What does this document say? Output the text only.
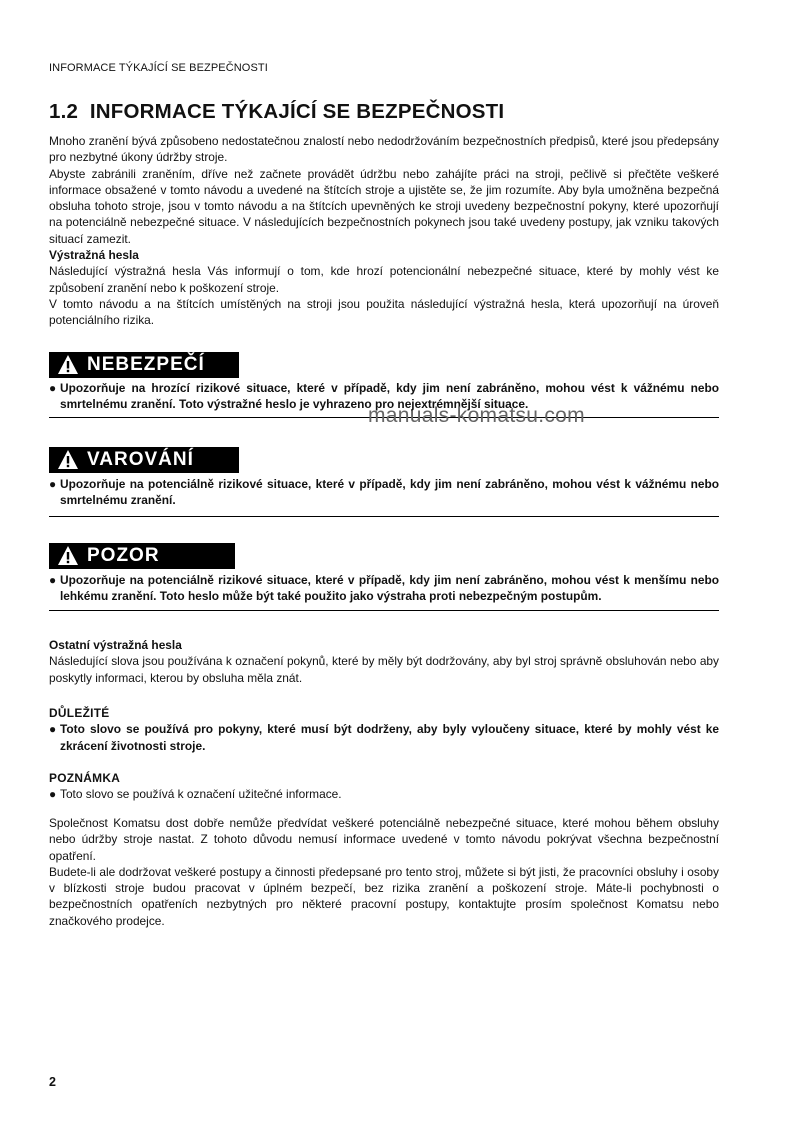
INFORMACE TÝKAJÍCÍ SE BEZPEČNOSTI
1.2 INFORMACE TÝKAJÍCÍ SE BEZPEČNOSTI

Mnoho zranění bývá způsobeno nedostatečnou znalostí nebo nedodržováním bezpečnostních předpisů, které jsou předepsány pro nezbytné úkony údržby stroje.

Abyste zabránili zraněním, dříve než začnete provádět údržbu nebo zahájíte práci na stroji, pečlivě si přečtěte veškeré informace obsažené v tomto návodu a uvedené na štítcích stroje a ujistěte se, že jim rozumíte. Aby byla umožněna bezpečná obsluha tohoto stroje, jsou v tomto návodu a na štítcích upevněných ke stroji uvedeny bezpečnostní pokyny, které upozorňují na potenciálně nebezpečné situace. V následujících bezpečnostních pokynech jsou také uvedeny postupy, jak vzniku takových situací zamezit.

Výstražná hesla

Následující výstražná hesla Vás informují o tom, kde hrozí potencionální nebezpečné situace, které by mohly vést ke způsobení zranění nebo k poškození stroje.

V tomto návodu a na štítcích umístěných na stroji jsou použita následující výstražná hesla, která upozorňují na úroveň potenciálního rizika.

NEBEZPEČÍ
● Upozorňuje na hrozící rizikové situace, které v případě, kdy jim není zabráněno, mohou vést k vážnému nebo smrtelnému zranění. Toto výstražné heslo je vyhrazeno pro nejextrémnější situace.
VAROVÁNÍ
● Upozorňuje na potenciálně rizikové situace, které v případě, kdy jim není zabráněno, mohou vést k vážnému nebo smrtelnému zranění.
POZOR
● Upozorňuje na potenciálně rizikové situace, které v případě, kdy jim není zabráněno, mohou vést k menšímu nebo lehkému zranění. Toto heslo může být také použito jako výstraha proti nebezpečným postupům.
Ostatní výstražná hesla

Následující slova jsou používána k označení pokynů, které by měly být dodržovány, aby byl stroj správně obsluhován nebo aby poskytly informaci, kterou by obsluha měla znát.

DŮLEŽITÉ
● Toto slovo se používá pro pokyny, které musí být dodrženy, aby byly vyloučeny situace, které by mohly vést ke zkrácení životnosti stroje.
POZNÁMKA
● Toto slovo se používá k označení užitečné informace.

Společnost Komatsu dost dobře nemůže předvídat veškeré potenciálně nebezpečné situace, které mohou během obsluhy nebo údržby stroje nastat. Z tohoto důvodu nemusí informace uvedené v tomto návodu pokrývat všechna bezpečnostní opatření.

Budete-li ale dodržovat veškeré postupy a činnosti předepsané pro tento stroj, můžete si být jisti, že pracovníci obsluhy i osoby v blízkosti stroje budou pracovat v úplném bezpečí, bez rizika zranění a poškození stroje. Máte-li pochybnosti o bezpečnostních opatřeních nezbytných pro některé pracovní postupy, kontaktujte prosím společnost Komatsu nebo značkového prodejce.

manuals-komatsu.com
2
